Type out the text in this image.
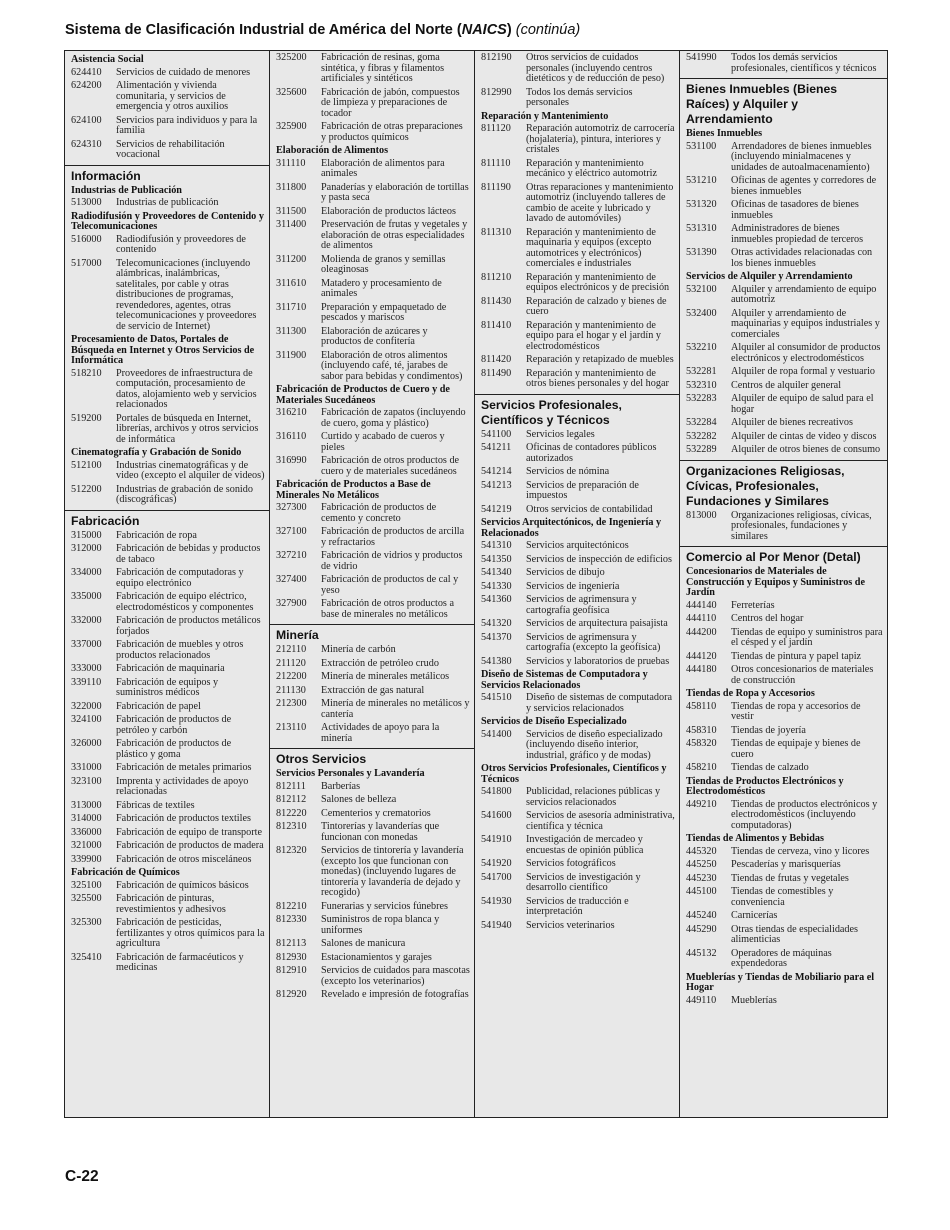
Sistema de Clasificación Industrial de América del Norte (NAICS) (continúa)
Asistencia Social
624410	Servicios de cuidado de menores
624200	Alimentación y vivienda comunitaria, y servicios de emergencia y otros auxilios
624100	Servicios para individuos y para la familia
624310	Servicios de rehabilitación vocacional
Información
Industrias de Publicación
513000	Industrias de publicación
Radiodifusión y Proveedores de Contenido y Telecomunicaciones
516000	Radiodifusión y proveedores de contenido
517000	Telecomunicaciones (incluyendo alámbricas, inalámbricas, satelitales, por cable y otras distribuciones de programas, revendedores, agentes, otras telecomunicaciones y proveedores de servicio de Internet)
Procesamiento de Datos, Portales de Búsqueda en Internet y Otros Servicios de Informática
518210	Proveedores de infraestructura de computación, procesamiento de datos, alojamiento web y servicios relacionados
519200	Portales de búsqueda en Internet, librerías, archivos y otros servicios de informática
Cinematografía y Grabación de Sonido
512100	Industrias cinematográficas y de video (excepto el alquiler de videos)
512200	Industrias de grabación de sonido (discográficas)
Fabricación
315000	Fabricación de ropa
312000	Fabricación de bebidas y productos de tabaco
334000	Fabricación de computadoras y equipo electrónico
335000	Fabricación de equipo eléctrico, electrodomésticos y componentes
332000	Fabricación de productos metálicos forjados
337000	Fabricación de muebles y otros productos relacionados
333000	Fabricación de maquinaria
339110	Fabricación de equipos y suministros médicos
322000	Fabricación de papel
324100	Fabricación de productos de petróleo y carbón
326000	Fabricación de productos de plástico y goma
331000	Fabricación de metales primarios
323100	Imprenta y actividades de apoyo relacionadas
313000	Fábricas de textiles
314000	Fabricación de productos textiles
336000	Fabricación de equipo de transporte
321000	Fabricación de productos de madera
339900	Fabricación de otros misceláneos
Fabricación de Químicos
325100	Fabricación de químicos básicos
325500	Fabricación de pinturas, revestimientos y adhesivos
325300	Fabricación de pesticidas, fertilizantes y otros químicos para la agricultura
325410	Fabricación de farmacéuticos y medicinas
325200	Fabricación de resinas, goma sintética, y fibras y filamentos artificiales y sintéticos
325600	Fabricación de jabón, compuestos de limpieza y preparaciones de tocador
325900	Fabricación de otras preparaciones y productos químicos
Elaboración de Alimentos
311110	Elaboración de alimentos para animales
311800	Panaderías y elaboración de tortillas y pasta seca
311500	Elaboración de productos lácteos
311400	Preservación de frutas y vegetales y elaboración de otras especialidades de alimentos
311200	Molienda de granos y semillas oleaginosas
311610	Matadero y procesamiento de animales
311710	Preparación y empaquetado de pescados y mariscos
311300	Elaboración de azúcares y productos de confitería
311900	Elaboración de otros alimentos (incluyendo café, té, jarabes de sabor para bebidas y condimentos)
Fabricación de Productos de Cuero y de Materiales Sucedáneos
316210	Fabricación de zapatos (incluyendo de cuero, goma y plástico)
316110	Curtido y acabado de cueros y pieles
316990	Fabricación de otros productos de cuero y de materiales sucedáneos
Fabricación de Productos a Base de Minerales No Metálicos
327300	Fabricación de productos de cemento y concreto
327100	Fabricación de productos de arcilla y refractarios
327210	Fabricación de vidrios y productos de vidrio
327400	Fabricación de productos de cal y yeso
327900	Fabricación de otros productos a base de minerales no metálicos
Minería
212110	Minería de carbón
211120	Extracción de petróleo crudo
212200	Minería de minerales metálicos
211130	Extracción de gas natural
212300	Minería de minerales no metálicos y cantería
213110	Actividades de apoyo para la minería
Otros Servicios
Servicios Personales y Lavandería
812111	Barberías
812112	Salones de belleza
812220	Cementerios y crematorios
812310	Tintorerías y lavanderías que funcionan con monedas
812320	Servicios de tintorería y lavandería (excepto los que funcionan con monedas) (incluyendo lugares de tintorería y lavandería de dejado y recogido)
812210	Funerarias y servicios fúnebres
812330	Suministros de ropa blanca y uniformes
812113	Salones de manicura
812930	Estacionamientos y garajes
812910	Servicios de cuidados para mascotas (excepto los veterinarios)
812920	Revelado e impresión de fotografías
812190	Otros servicios de cuidados personales (incluyendo centros dietéticos y de reducción de peso)
812990	Todos los demás servicios personales
Reparación y Mantenimiento
811120	Reparación automotriz de carrocería (hojalatería), pintura, interiores y cristales
811110	Reparación y mantenimiento mecánico y eléctrico automotriz
811190	Otras reparaciones y mantenimiento automotriz (incluyendo talleres de cambio de aceite y lubricado y lavado de automóviles)
811310	Reparación y mantenimiento de maquinaria y equipos (excepto automotrices y electrónicos) comerciales e industriales
811210	Reparación y mantenimiento de equipos electrónicos y de precisión
811430	Reparación de calzado y bienes de cuero
811410	Reparación y mantenimiento de equipo para el hogar y el jardín y electrodomésticos
811420	Reparación y retapizado de muebles
811490	Reparación y mantenimiento de otros bienes personales y del hogar
Servicios Profesionales, Científicos y Técnicos
541100	Servicios legales
541211	Oficinas de contadores públicos autorizados
541214	Servicios de nómina
541213	Servicios de preparación de impuestos
541219	Otros servicios de contabilidad
Servicios Arquitectónicos, de Ingeniería y Relacionados
541310	Servicios arquitectónicos
541350	Servicios de inspección de edificios
541340	Servicios de dibujo
541330	Servicios de ingeniería
541360	Servicios de agrimensura y cartografía geofísica
541320	Servicios de arquitectura paisajista
541370	Servicios de agrimensura y cartografía (excepto la geofísica)
541380	Servicios y laboratorios de pruebas
Diseño de Sistemas de Computadora y Servicios Relacionados
541510	Diseño de sistemas de computadora y servicios relacionados
Servicios de Diseño Especializado
541400	Servicios de diseño especializado (incluyendo diseño interior, industrial, gráfico y de modas)
Otros Servicios Profesionales, Científicos y Técnicos
541800	Publicidad, relaciones públicas y servicios relacionados
541600	Servicios de asesoría administrativa, científica y técnica
541910	Investigación de mercadeo y encuestas de opinión pública
541920	Servicios fotográficos
541700	Servicios de investigación y desarrollo científico
541930	Servicios de traducción e interpretación
541940	Servicios veterinarios
541990	Todos los demás servicios profesionales, científicos y técnicos
Bienes Inmuebles (Bienes Raíces) y Alquiler y Arrendamiento
Bienes Inmuebles
531100	Arrendadores de bienes inmuebles (incluyendo minialmacenes y unidades de autoalmacenamiento)
531210	Oficinas de agentes y corredores de bienes inmuebles
531320	Oficinas de tasadores de bienes inmuebles
531310	Administradores de bienes inmuebles propiedad de terceros
531390	Otras actividades relacionadas con los bienes inmuebles
Servicios de Alquiler y Arrendamiento
532100	Alquiler y arrendamiento de equipo automotriz
532400	Alquiler y arrendamiento de maquinarias y equipos industriales y comerciales
532210	Alquiler al consumidor de productos electrónicos y electrodomésticos
532281	Alquiler de ropa formal y vestuario
532310	Centros de alquiler general
532283	Alquiler de equipo de salud para el hogar
532284	Alquiler de bienes recreativos
532282	Alquiler de cintas de video y discos
532289	Alquiler de otros bienes de consumo
Organizaciones Religiosas, Cívicas, Profesionales, Fundaciones y Similares
813000	Organizaciones religiosas, cívicas, profesionales, fundaciones y similares
Comercio al Por Menor (Detal)
Concesionarios de Materiales de Construcción y Equipos y Suministros de Jardín
444140	Ferreterías
444110	Centros del hogar
444200	Tiendas de equipo y suministros para el césped y el jardín
444120	Tiendas de pintura y papel tapiz
444180	Otros concesionarios de materiales de construcción
Tiendas de Ropa y Accesorios
458110	Tiendas de ropa y accesorios de vestir
458310	Tiendas de joyería
458320	Tiendas de equipaje y bienes de cuero
458210	Tiendas de calzado
Tiendas de Productos Electrónicos y Electrodomésticos
449210	Tiendas de productos electrónicos y electrodomésticos (incluyendo computadoras)
Tiendas de Alimentos y Bebidas
445320	Tiendas de cerveza, vino y licores
445250	Pescaderías y marisquerías
445230	Tiendas de frutas y vegetales
445100	Tiendas de comestibles y conveniencia
445240	Carnicerías
445290	Otras tiendas de especialidades alimenticias
445132	Operadores de máquinas expendedoras
Mueblerías y Tiendas de Mobiliario para el Hogar
449110	Mueblerías
C-22
